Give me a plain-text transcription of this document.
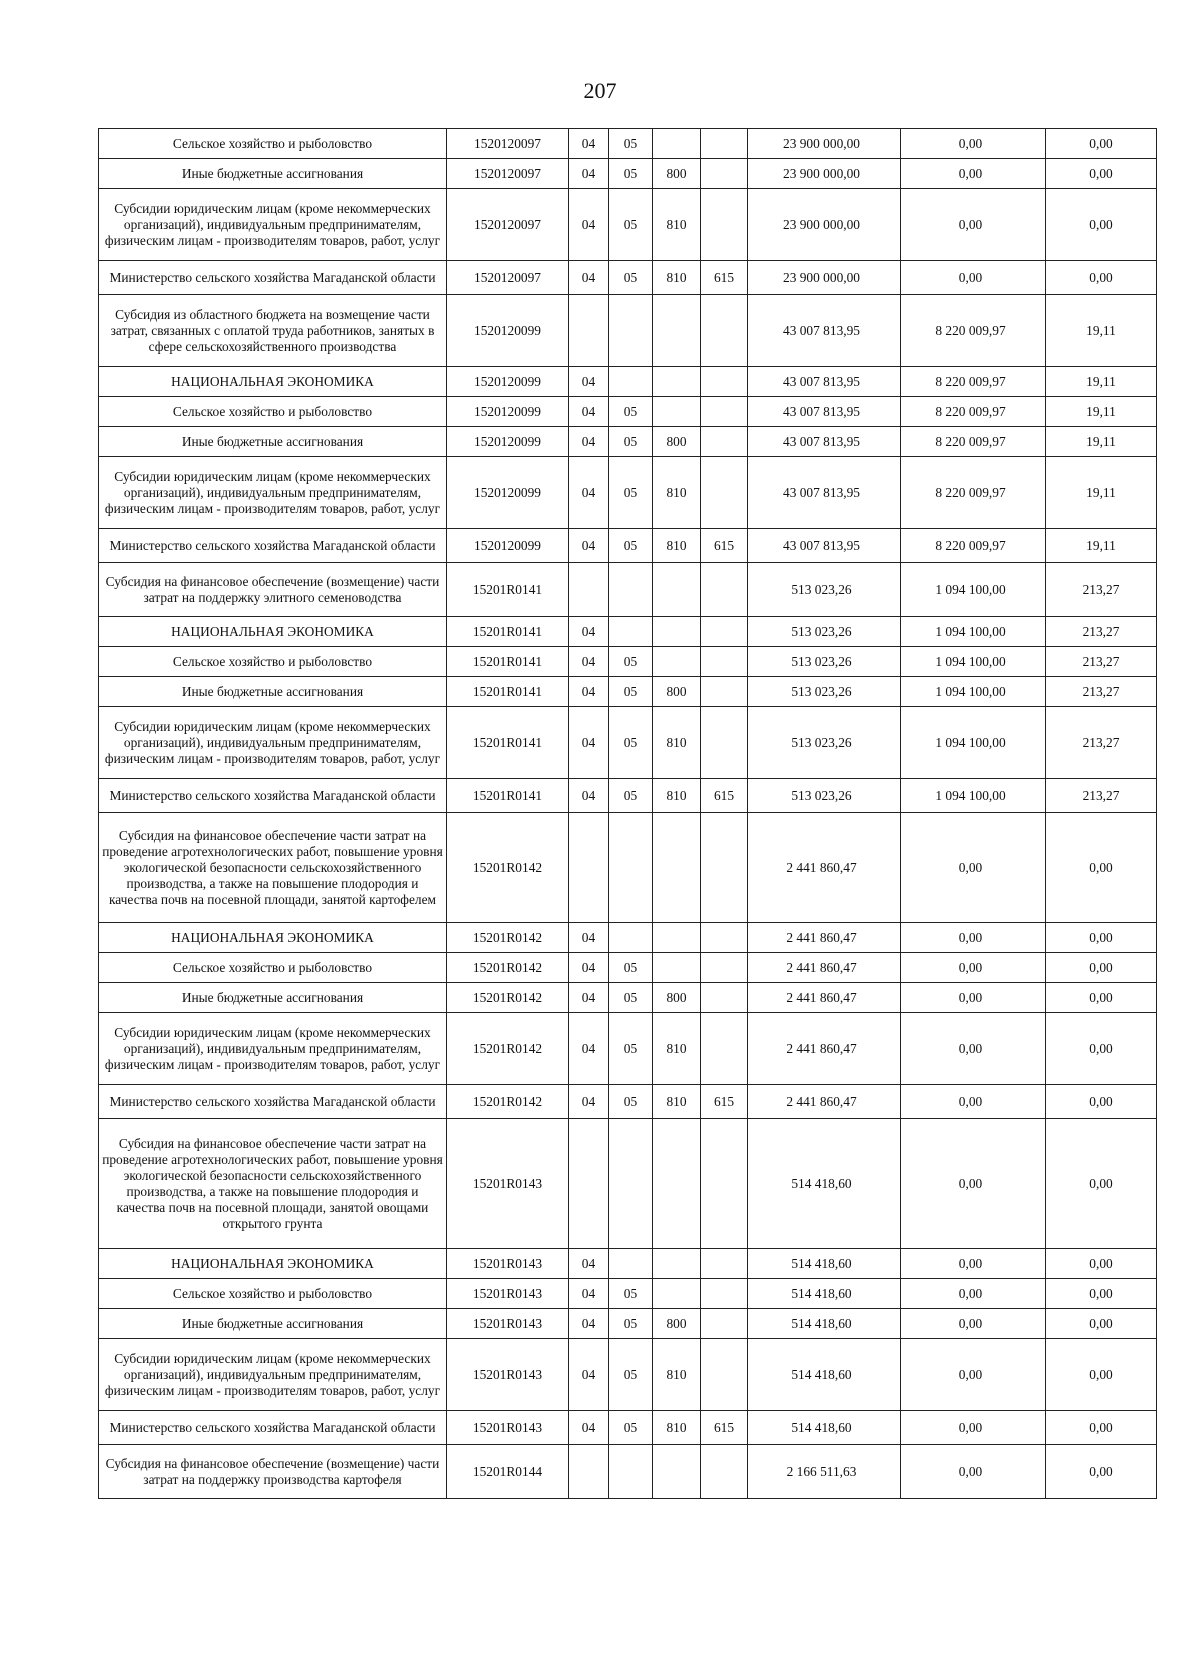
207
Сельское хозяйство и рыболовство	1520120097	04	05			23 900 000,00	0,00	0,00
Иные бюджетные ассигнования	1520120097	04	05	800		23 900 000,00	0,00	0,00
Субсидии юридическим лицам (кроме некоммерческих организаций), индивидуальным предпринимателям, физическим лицам - производителям товаров, работ, услуг	1520120097	04	05	810		23 900 000,00	0,00	0,00
Министерство сельского хозяйства Магаданской области	1520120097	04	05	810	615	23 900 000,00	0,00	0,00
Субсидия из областного бюджета на возмещение части затрат, связанных с оплатой труда работников, занятых в сфере сельскохозяйственного производства	1520120099					43 007 813,95	8 220 009,97	19,11
НАЦИОНАЛЬНАЯ ЭКОНОМИКА	1520120099	04				43 007 813,95	8 220 009,97	19,11
Сельское хозяйство и рыболовство	1520120099	04	05			43 007 813,95	8 220 009,97	19,11
Иные бюджетные ассигнования	1520120099	04	05	800		43 007 813,95	8 220 009,97	19,11
Субсидии юридическим лицам (кроме некоммерческих организаций), индивидуальным предпринимателям, физическим лицам - производителям товаров, работ, услуг	1520120099	04	05	810		43 007 813,95	8 220 009,97	19,11
Министерство сельского хозяйства Магаданской области	1520120099	04	05	810	615	43 007 813,95	8 220 009,97	19,11
Субсидия на финансовое обеспечение (возмещение) части затрат на поддержку элитного семеноводства	15201R0141					513 023,26	1 094 100,00	213,27
НАЦИОНАЛЬНАЯ ЭКОНОМИКА	15201R0141	04				513 023,26	1 094 100,00	213,27
Сельское хозяйство и рыболовство	15201R0141	04	05			513 023,26	1 094 100,00	213,27
Иные бюджетные ассигнования	15201R0141	04	05	800		513 023,26	1 094 100,00	213,27
Субсидии юридическим лицам (кроме некоммерческих организаций), индивидуальным предпринимателям, физическим лицам - производителям товаров, работ, услуг	15201R0141	04	05	810		513 023,26	1 094 100,00	213,27
Министерство сельского хозяйства Магаданской области	15201R0141	04	05	810	615	513 023,26	1 094 100,00	213,27
Субсидия на финансовое обеспечение части затрат на проведение агротехнологических работ, повышение уровня экологической безопасности сельскохозяйственного производства, а также на повышение плодородия и качества почв на посевной площади, занятой картофелем	15201R0142					2 441 860,47	0,00	0,00
НАЦИОНАЛЬНАЯ ЭКОНОМИКА	15201R0142	04				2 441 860,47	0,00	0,00
Сельское хозяйство и рыболовство	15201R0142	04	05			2 441 860,47	0,00	0,00
Иные бюджетные ассигнования	15201R0142	04	05	800		2 441 860,47	0,00	0,00
Субсидии юридическим лицам (кроме некоммерческих организаций), индивидуальным предпринимателям, физическим лицам - производителям товаров, работ, услуг	15201R0142	04	05	810		2 441 860,47	0,00	0,00
Министерство сельского хозяйства Магаданской области	15201R0142	04	05	810	615	2 441 860,47	0,00	0,00
Субсидия на финансовое обеспечение части затрат на проведение агротехнологических работ, повышение уровня экологической безопасности сельскохозяйственного производства, а также на повышение плодородия и качества почв на посевной площади, занятой овощами открытого грунта	15201R0143					514 418,60	0,00	0,00
НАЦИОНАЛЬНАЯ ЭКОНОМИКА	15201R0143	04				514 418,60	0,00	0,00
Сельское хозяйство и рыболовство	15201R0143	04	05			514 418,60	0,00	0,00
Иные бюджетные ассигнования	15201R0143	04	05	800		514 418,60	0,00	0,00
Субсидии юридическим лицам (кроме некоммерческих организаций), индивидуальным предпринимателям, физическим лицам - производителям товаров, работ, услуг	15201R0143	04	05	810		514 418,60	0,00	0,00
Министерство сельского хозяйства Магаданской области	15201R0143	04	05	810	615	514 418,60	0,00	0,00
Субсидия на финансовое обеспечение (возмещение) части затрат на поддержку производства картофеля	15201R0144					2 166 511,63	0,00	0,00
